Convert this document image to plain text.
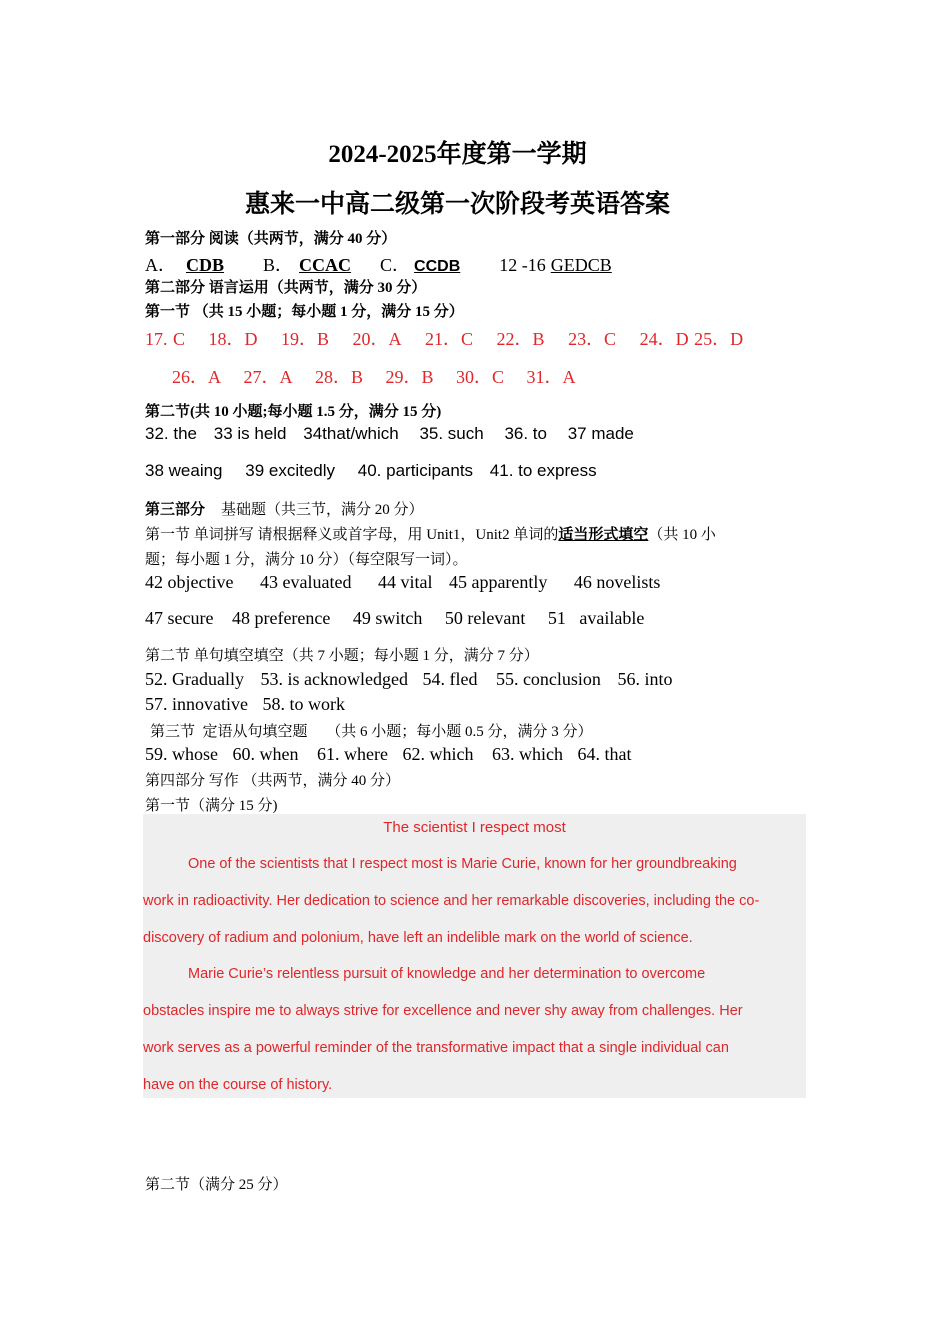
2024-2025年度第一学期
惠来一中高二级第一次阶段考英语答案
第一部分 阅读（共两节，满分 40 分）
A． CDB B． CCAC C． CCDB 12 -16 GEDCB
第二部分 语言运用（共两节，满分 30 分）
第一节 （共 15 小题；每小题 1 分，满分 15 分）
17. C 18．D 19．B 20．A 21．C 22．B 23．C 24．D 25．D
26．A 27．A 28．B 29．B 30．C 31．A
第二节(共 10 小题;每小题 1.5 分，满分 15 分)
32. the 33 is held 34that/which 35. such 36. to 37 made
38 weaing 39 excitedly 40. participants 41. to express
第三部分 基础题（共三节，满分 20 分）
第一节 单词拼写 请根据释义或首字母，用 Unit1，Unit2 单词的适当形式填空（共 10 小
题；每小题 1 分，满分 10 分）（每空限写一词）。
42 objective 43 evaluated 44 vital 45 apparently 46 novelists
47 secure 48 preference 49 switch 50 relevant 51   available
第二节 单句填空填空（共 7 小题；每小题 1 分，满分 7 分）
52. Gradually 53. is acknowledged 54. fled 55. conclusion 56. into
57. innovative 58. to work
第三节  定语从句填空题     （共 6 小题；每小题 0.5 分，满分 3 分）
59. whose 60. when 61. where 62. which 63. which 64. that
第四部分 写作 （共两节，满分 40 分）
第一节（满分 15 分)
The scientist I respect most
One of the scientists that I respect most is Marie Curie, known for her groundbreaking
work in radioactivity. Her dedication to science and her remarkable discoveries, including the co-
discovery of radium and polonium, have left an indelible mark on the world of science.
Marie Curie’s relentless pursuit of knowledge and her determination to overcome
obstacles inspire me to always strive for excellence and never shy away from challenges. Her
work serves as a powerful reminder of the transformative impact that a single individual can
have on the course of history.
第二节（满分 25 分）
